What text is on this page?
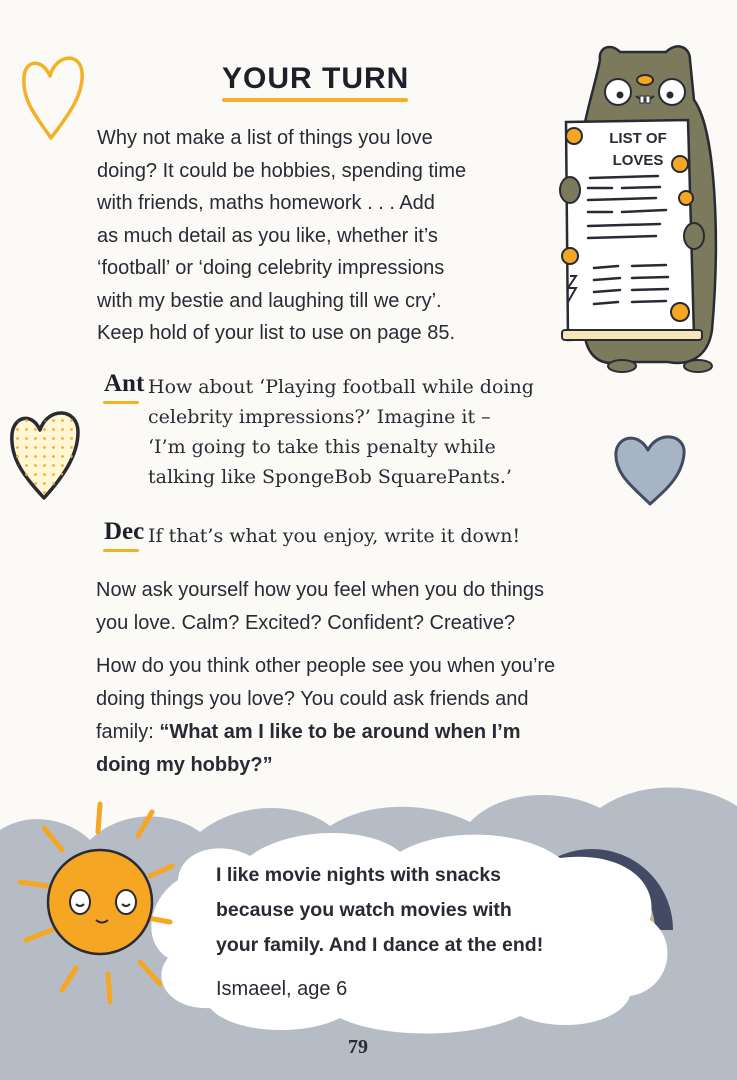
LIST OF
LOVES
YOUR TURN
Why not make a list of things you love
doing? It could be hobbies, spending time
with friends, maths homework . . . Add
as much detail as you like, whether it’s
‘football’ or ‘doing celebrity impressions
with my bestie and laughing till we cry’.
Keep hold of your list to use on page 85.
Ant How about ‘Playing football while doing
celebrity impressions?’ Imagine it –
‘I’m going to take this penalty while
talking like SpongeBob SquarePants.’
Dec If that’s what you enjoy, write it down!
Now ask yourself how you feel when you do things
you love. Calm? Excited? Confident? Creative?
How do you think other people see you when you’re
doing things you love? You could ask friends and
family: “What am I like to be around when I’m
doing my hobby?”
I like movie nights with snacks
because you watch movies with
your family. And I dance at the end!
Ismaeel, age 6
79
